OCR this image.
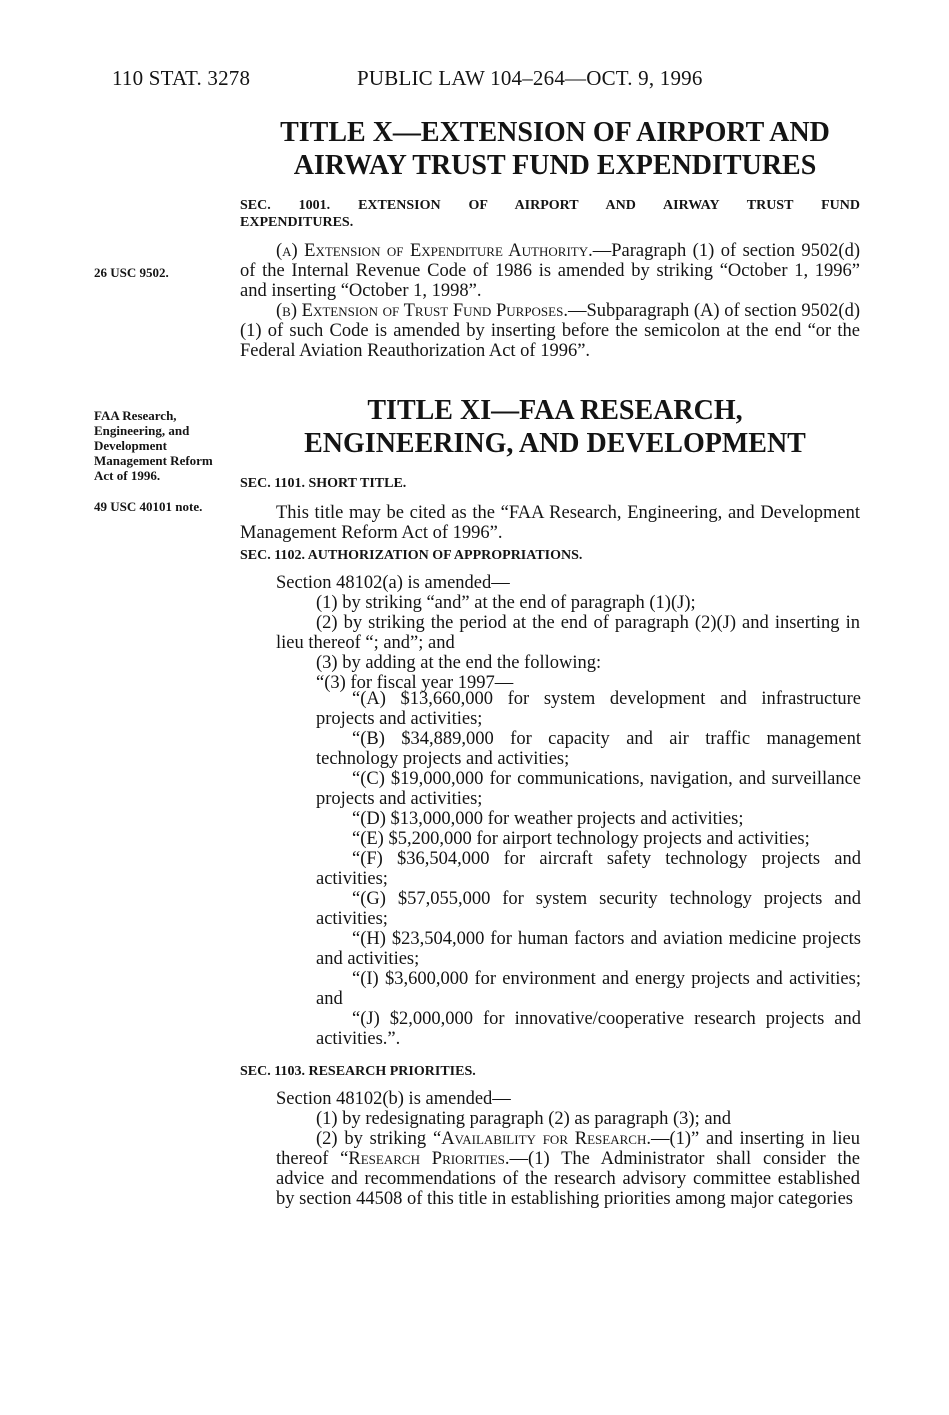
110 STAT. 3278	PUBLIC LAW 104–264—OCT. 9, 1996
TITLE X—EXTENSION OF AIRPORT AND
AIRWAY TRUST FUND EXPENDITURES
SEC. 1001. EXTENSION OF AIRPORT AND AIRWAY TRUST FUND
EXPENDITURES.
26 USC 9502.

(a) Extension of Expenditure Authority.—Paragraph (1) of section 9502(d) of the Internal Revenue Code of 1986 is amended by striking “October 1, 1996” and inserting “October 1, 1998”.

(b) Extension of Trust Fund Purposes.—Subparagraph (A) of section 9502(d)(1) of such Code is amended by inserting before the semicolon at the end “or the Federal Aviation Reauthorization Act of 1996”.

FAA Research, Engineering, and Development Management Reform Act of 1996.
49 USC 40101 note.
TITLE XI—FAA RESEARCH,
ENGINEERING, AND DEVELOPMENT
SEC. 1101. SHORT TITLE.

This title may be cited as the “FAA Research, Engineering, and Development Management Reform Act of 1996”.

SEC. 1102. AUTHORIZATION OF APPROPRIATIONS.

Section 48102(a) is amended—

(1) by striking “and” at the end of paragraph (1)(J);

(2) by striking the period at the end of paragraph (2)(J) and inserting in lieu thereof “; and”; and

(3) by adding at the end the following:

“(3) for fiscal year 1997—

“(A) $13,660,000 for system development and infrastructure projects and activities;

“(B) $34,889,000 for capacity and air traffic management technology projects and activities;

“(C) $19,000,000 for communications, navigation, and surveillance projects and activities;

“(D) $13,000,000 for weather projects and activities;

“(E) $5,200,000 for airport technology projects and activities;

“(F) $36,504,000 for aircraft safety technology projects and activities;

“(G) $57,055,000 for system security technology projects and activities;

“(H) $23,504,000 for human factors and aviation medicine projects and activities;

“(I) $3,600,000 for environment and energy projects and activities; and

“(J) $2,000,000 for innovative/cooperative research projects and activities.”.

SEC. 1103. RESEARCH PRIORITIES.

Section 48102(b) is amended—

(1) by redesignating paragraph (2) as paragraph (3); and

(2) by striking “Availability for Research.—(1)” and inserting in lieu thereof “Research Priorities.—(1) The Administrator shall consider the advice and recommendations of the research advisory committee established by section 44508 of this title in establishing priorities among major categories
